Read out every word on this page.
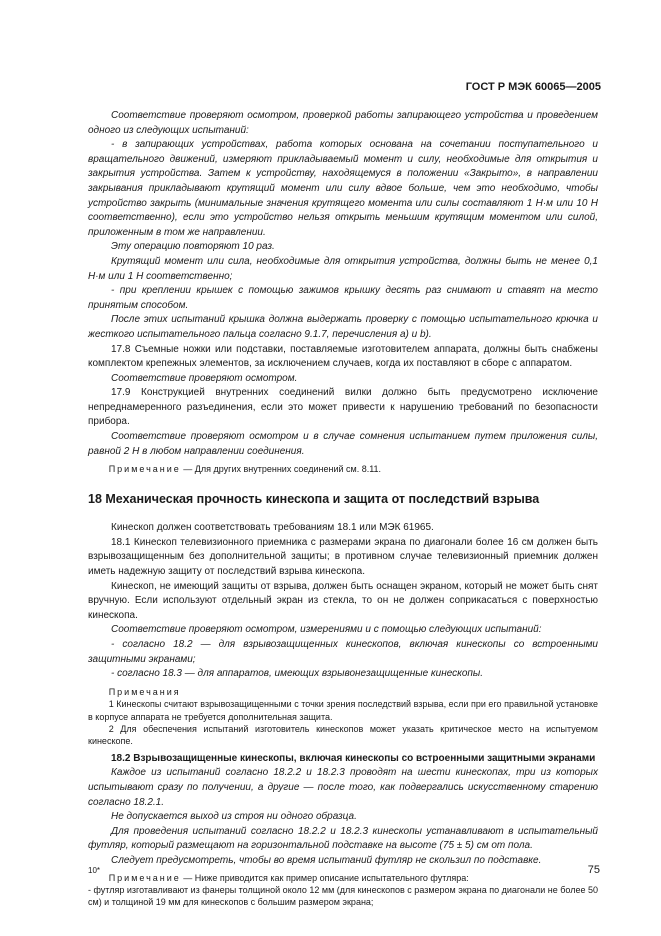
ГОСТ Р МЭК 60065—2005

Соответствие проверяют осмотром, проверкой работы запирающего устройства и проведением одного из следующих испытаний:

- в запирающих устройствах, работа которых основана на сочетании поступательного и вращательного движений, измеряют прикладываемый момент и силу, необходимые для открытия и закрытия устройства. Затем к устройству, находящемуся в положении «Закрыто», в направлении закрывания прикладывают крутящий момент или силу вдвое больше, чем это необходимо, чтобы устройство закрыть (минимальные значения крутящего момента или силы составляют 1 Н·м или 10 Н соответственно), если это устройство нельзя открыть меньшим крутящим моментом или силой, приложенным в том же направлении.

Эту операцию повторяют 10 раз.

Крутящий момент или сила, необходимые для открытия устройства, должны быть не менее 0,1 Н·м или 1 Н соответственно;

- при креплении крышек с помощью зажимов крышку десять раз снимают и ставят на место принятым способом.

После этих испытаний крышка должна выдержать проверку с помощью испытательного крючка и жесткого испытательного пальца согласно 9.1.7, перечисления a) и b).

17.8 Съемные ножки или подставки, поставляемые изготовителем аппарата, должны быть снабжены комплектом крепежных элементов, за исключением случаев, когда их поставляют в сборе с аппаратом.

Соответствие проверяют осмотром.

17.9 Конструкцией внутренних соединений вилки должно быть предусмотрено исключение непреднамеренного разъединения, если это может привести к нарушению требований по безопасности прибора.

Соответствие проверяют осмотром и в случае сомнения испытанием путем приложения силы, равной 2 Н в любом направлении соединения.

Примечание — Для других внутренних соединений см. 8.11.

18 Механическая прочность кинескопа и защита от последствий взрыва

Кинескоп должен соответствовать требованиям 18.1 или МЭК 61965.

18.1 Кинескоп телевизионного приемника с размерами экрана по диагонали более 16 см должен быть взрывозащищенным без дополнительной защиты; в противном случае телевизионный приемник должен иметь надежную защиту от последствий взрыва кинескопа.

Кинескоп, не имеющий защиты от взрыва, должен быть оснащен экраном, который не может быть снят вручную. Если используют отдельный экран из стекла, то он не должен соприкасаться с поверхностью кинескопа.

Соответствие проверяют осмотром, измерениями и с помощью следующих испытаний:

- согласно 18.2 — для взрывозащищенных кинескопов, включая кинескопы со встроенными защитными экранами;

- согласно 18.3 — для аппаратов, имеющих взрывонезащищенные кинескопы.

Примечания

1 Кинескопы считают взрывозащищенными с точки зрения последствий взрыва, если при его правильной установке в корпусе аппарата не требуется дополнительная защита.

2 Для обеспечения испытаний изготовитель кинескопов может указать критическое место на испытуемом кинескопе.

18.2 Взрывозащищенные кинескопы, включая кинескопы со встроенными защитными экранами

Каждое из испытаний согласно 18.2.2 и 18.2.3 проводят на шести кинескопах, три из которых испытывают сразу по получении, а другие — после того, как подвергались искусственному старению согласно 18.2.1.

Не допускается выход из строя ни одного образца.

Для проведения испытаний согласно 18.2.2 и 18.2.3 кинескопы устанавливают в испытательный футляр, который размещают на горизонтальной подставке на высоте (75 ± 5) см от пола.

Следует предусмотреть, чтобы во время испытаний футляр не скользил по подставке.

Примечание — Ниже приводится как пример описание испытательного футляра:

- футляр изготавливают из фанеры толщиной около 12 мм (для кинескопов с размером экрана по диагонали не более 50 см) и толщиной 19 мм для кинескопов с большим размером экрана;

10*	75
